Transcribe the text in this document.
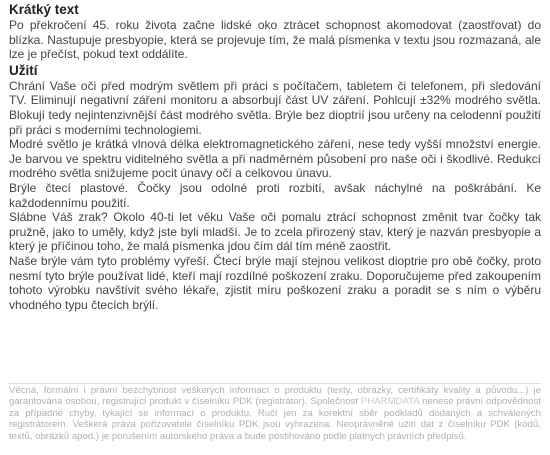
Krátký text

Po překročení 45. roku života začne lidské oko ztrácet schopnost akomodovat (zaostřovat) do blízka. Nastupuje presbyopie, která se projevuje tím, že malá písmenka v textu jsou rozmazaná, ale lze je přečíst, pokud text oddálíte.

Užití

Chrání Vaše oči před modrým světlem při práci s počítačem, tabletem či telefonem, při sledování TV. Eliminují negativní záření monitoru a absorbují část UV záření. Pohlcují ±32% modrého světla. Blokují tedy nejintenzivnější část modrého světla. Brýle bez dioptrií jsou určeny na celodenní použití při práci s moderními technologiemi.

Modré světlo je krátká vlnová délka elektromagnetického záření, nese tedy vyšší množství energie. Je barvou ve spektru viditelného světla a při nadměrném působení pro naše oči i škodlivé. Redukcí modrého světla snižujeme pocit únavy očí a celkovou únavu.

Brýle čtecí plastové. Čočky jsou odolné proti rozbití, avšak náchylné na poškrábání. Ke každodennímu použití.

Slábne Váš zrak? Okolo 40-ti let věku Vaše oči pomalu ztrácí schopnost změnit tvar čočky tak pružně, jako to uměly, když jste byli mladší. Je to zcela přirozený stav, který je nazván presbyopie a který je příčinou toho, že malá písmenka jdou čím dál tím méně zaostřit.

Naše brýle vám tyto problémy vyřeší. Čtecí brýle mají stejnou velikost dioptrie pro obě čočky, proto nesmí tyto brýle používat lidé, kteří mají rozdílné poškození zraku. Doporučujeme před zakoupením tohoto výrobku navštívit svého lékaře, zjistit míru poškození zraku a poradit se s ním o výběru vhodného typu čtecích brýlí.

Věcná, formální i právní bezchybnost veškerých informací o produktu (texty, obrázky, certifikáty kvality a původu...) je garantována osobou, registrující produkt v číselníku PDK (registrátor). Společnost PHARMDATA nenese právní odpovědnost za případné chyby, týkající se informací o produktu. Ručí jen za korektní sběr podkladů dodaných a schválených registrátorem. Veškerá práva pořizovatele číselníku PDK jsou vyhrazena. Neoprávněné užití dat z číselníku PDK (kódů, textů, obrázků apod.) je porušením autorského práva a bude postihováno podle platných právních předpisů.
